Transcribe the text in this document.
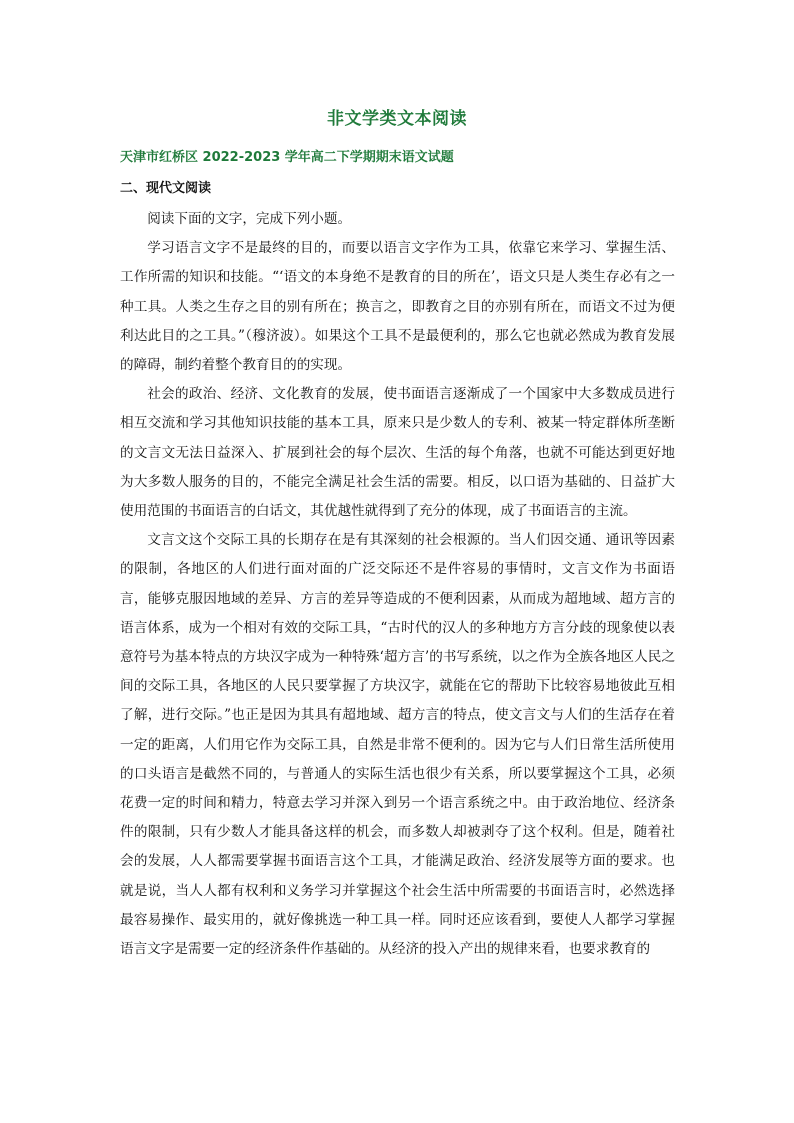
非文学类文本阅读
天津市红桥区 2022-2023 学年高二下学期期末语文试题
二、现代文阅读

阅读下面的文字，完成下列小题。

学习语言文字不是最终的目的，而要以语言文字作为工具，依靠它来学习、掌握生活、工作所需的知识和技能。“‘语文的本身绝不是教育的目的所在’，语文只是人类生存必有之一种工具。人类之生存之目的别有所在；换言之，即教育之目的亦别有所在，而语文不过为便利达此目的之工具。”（穆济波）。如果这个工具不是最便利的，那么它也就必然成为教育发展的障碍，制约着整个教育目的的实现。

社会的政治、经济、文化教育的发展，使书面语言逐渐成了一个国家中大多数成员进行相互交流和学习其他知识技能的基本工具，原来只是少数人的专利、被某一特定群体所垄断的文言文无法日益深入、扩展到社会的每个层次、生活的每个角落，也就不可能达到更好地为大多数人服务的目的，不能完全满足社会生活的需要。相反，以口语为基础的、日益扩大使用范围的书面语言的白话文，其优越性就得到了充分的体现，成了书面语言的主流。

文言文这个交际工具的长期存在是有其深刻的社会根源的。当人们因交通、通讯等因素的限制，各地区的人们进行面对面的广泛交际还不是件容易的事情时，文言文作为书面语言，能够克服因地域的差异、方言的差异等造成的不便利因素，从而成为超地域、超方言的语言体系，成为一个相对有效的交际工具，“古时代的汉人的多种地方方言分歧的现象使以表意符号为基本特点的方块汉字成为一种特殊‘超方言’的书写系统，以之作为全族各地区人民之间的交际工具，各地区的人民只要掌握了方块汉字，就能在它的帮助下比较容易地彼此互相了解，进行交际。”也正是因为其具有超地域、超方言的特点，使文言文与人们的生活存在着一定的距离，人们用它作为交际工具，自然是非常不便利的。因为它与人们日常生活所使用的口头语言是截然不同的，与普通人的实际生活也很少有关系，所以要掌握这个工具，必须花费一定的时间和精力，特意去学习并深入到另一个语言系统之中。由于政治地位、经济条件的限制，只有少数人才能具备这样的机会，而多数人却被剥夺了这个权利。但是，随着社会的发展，人人都需要掌握书面语言这个工具，才能满足政治、经济发展等方面的要求。也就是说，当人人都有权利和义务学习并掌握这个社会生活中所需要的书面语言时，必然选择最容易操作、最实用的，就好像挑选一种工具一样。同时还应该看到，要使人人都学习掌握语言文字是需要一定的经济条件作基础的。从经济的投入产出的规律来看，也要求教育的
